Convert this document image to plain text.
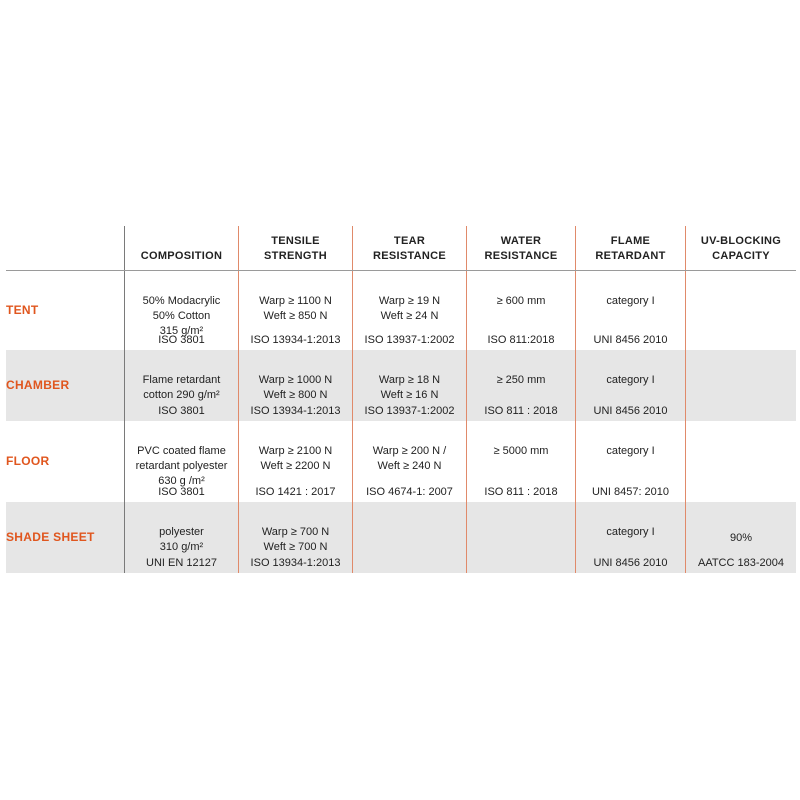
COMPOSITION
TENSILE
STRENGTH
TEAR
RESISTANCE
WATER
RESISTANCE
FLAME
RETARDANT
UV-BLOCKING
CAPACITY
TENT

50% Modacrylic
50% Cotton
315 g/m²

ISO 3801

Warp ≥ 1100 N
Weft ≥ 850 N

ISO 13934-1:2013

Warp ≥ 19 N
Weft ≥ 24 N

ISO 13937-1:2002

≥ 600 mm

ISO 811:2018

category I

UNI 8456 2010

CHAMBER	Flame retardant
cotton 290 g/m²

ISO 3801

Warp ≥ 1000 N
Weft ≥ 800 N

ISO 13934-1:2013

Warp ≥ 18 N
Weft ≥ 16 N

ISO 13937-1:2002

≥ 250 mm

ISO 811 : 2018

category I

UNI 8456 2010

FLOOR

PVC coated flame
retardant polyester
630 g /m²

ISO 3801

Warp ≥ 2100 N
Weft ≥ 2200 N

ISO 1421 : 2017

Warp ≥ 200 N /
Weft ≥ 240 N

ISO 4674-1: 2007

≥ 5000 mm

ISO 811 : 2018

category I

UNI 8457: 2010

SHADE SHEET	polyester
310 g/m²

UNI EN 12127

Warp ≥ 700 N
Weft ≥ 700 N

ISO 13934-1:2013

category I

UNI 8456 2010

90%

AATCC 183-2004
